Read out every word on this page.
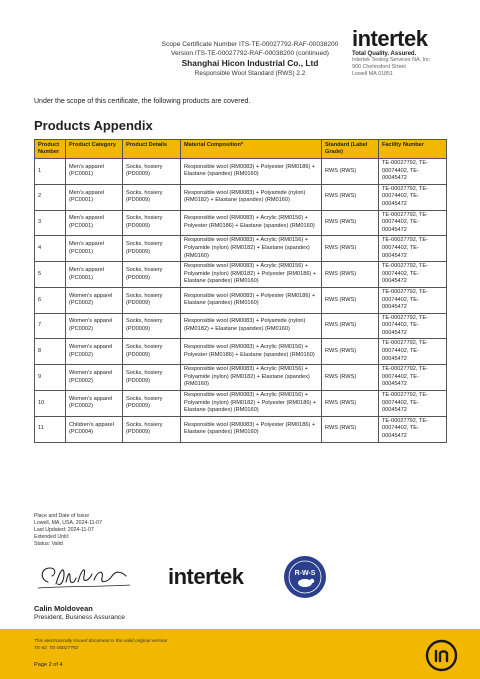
Scope Certificate Number ITS-TE-00027792-RAF-00038200
Version ITS-TE-00027792-RAF-00038200 (continued)
Shanghai Hicon Industrial Co., Ltd
Responsible Wool Standard (RWS) 2.2
intertek
Total Quality. Assured.
Intertek Testing Services NA, Inc
900 Chelmsford Street
Lowell MA 01851
Under the scope of this certificate, the following products are covered.
Products Appendix
Product Number	Product Category	Product Details	Material Composition*	Standard (Label Grade)	Facility Number
1	Men's apparel (PC0001)	Socks, hosiery (PD0009)	Responsible wool (RM0083) + Polyester (RM0186) + Elastane (spandex) (RM0160)	RWS (RWS)	TE-00027792, TE-00074402, TE-00045472
2	Men's apparel (PC0001)	Socks, hosiery (PD0009)	Responsible wool (RM0083) + Polyamide (nylon) (RM0182) + Elastane (spandex) (RM0160)	RWS (RWS)	TE-00027792, TE-00074402, TE-00045472
3	Men's apparel (PC0001)	Socks, hosiery (PD0009)	Responsible wool (RM0083) + Acrylic (RM0156) + Polyester (RM0186) + Elastane (spandex) (RM0160)	RWS (RWS)	TE-00027792, TE-00074402, TE-00045472
4	Men's apparel (PC0001)	Socks, hosiery (PD0009)	Responsible wool (RM0083) + Acrylic (RM0156) + Polyamide (nylon) (RM0182) + Elastane (spandex) (RM0160)	RWS (RWS)	TE-00027792, TE-00074402, TE-00045472
5	Men's apparel (PC0001)	Socks, hosiery (PD0009)	Responsible wool (RM0083) + Acrylic (RM0156) + Polyamide (nylon) (RM0182) + Polyester (RM0186) + Elastane (spandex) (RM0160)	RWS (RWS)	TE-00027792, TE-00074402, TE-00045472
6	Women's apparel (PC0002)	Socks, hosiery (PD0009)	Responsible wool (RM0083) + Polyester (RM0186) + Elastane (spandex) (RM0160)	RWS (RWS)	TE-00027792, TE-00074402, TE-00045472
7	Women's apparel (PC0002)	Socks, hosiery (PD0009)	Responsible wool (RM0083) + Polyamide (nylon) (RM0182) + Elastane (spandex) (RM0160)	RWS (RWS)	TE-00027792, TE-00074402, TE-00045472
8	Women's apparel (PC0002)	Socks, hosiery (PD0009)	Responsible wool (RM0083) + Acrylic (RM0156) + Polyester (RM0186) + Elastane (spandex) (RM0160)	RWS (RWS)	TE-00027792, TE-00074402, TE-00045472
9	Women's apparel (PC0002)	Socks, hosiery (PD0009)	Responsible wool (RM0083) + Acrylic (RM0156) + Polyamide (nylon) (RM0182) + Elastane (spandex) (RM0160)	RWS (RWS)	TE-00027792, TE-00074402, TE-00045472
10	Women's apparel (PC0002)	Socks, hosiery (PD0009)	Responsible wool (RM0083) + Acrylic (RM0156) + Polyamide (nylon) (RM0182) + Polyester (RM0186) + Elastane (spandex) (RM0160)	RWS (RWS)	TE-00027792, TE-00074402, TE-00045472
11	Children's apparel (PC0004)	Socks, hosiery (PD0009)	Responsible wool (RM0083) + Polyester (RM0186) + Elastane (spandex) (RM0160)	RWS (RWS)	TE-00027792, TE-00074402, TE-00045472
Place and Date of Issue
Lowell, MA, USA, 2024-11-07
Last Updated: 2024-11-07
Extended Until:
Status: Valid
intertek	R-W-S
Calin Moldovean
President, Business Assurance
This electronically issued document is the valid original version
TE-ID: TE-00027792
Page 2 of 4
